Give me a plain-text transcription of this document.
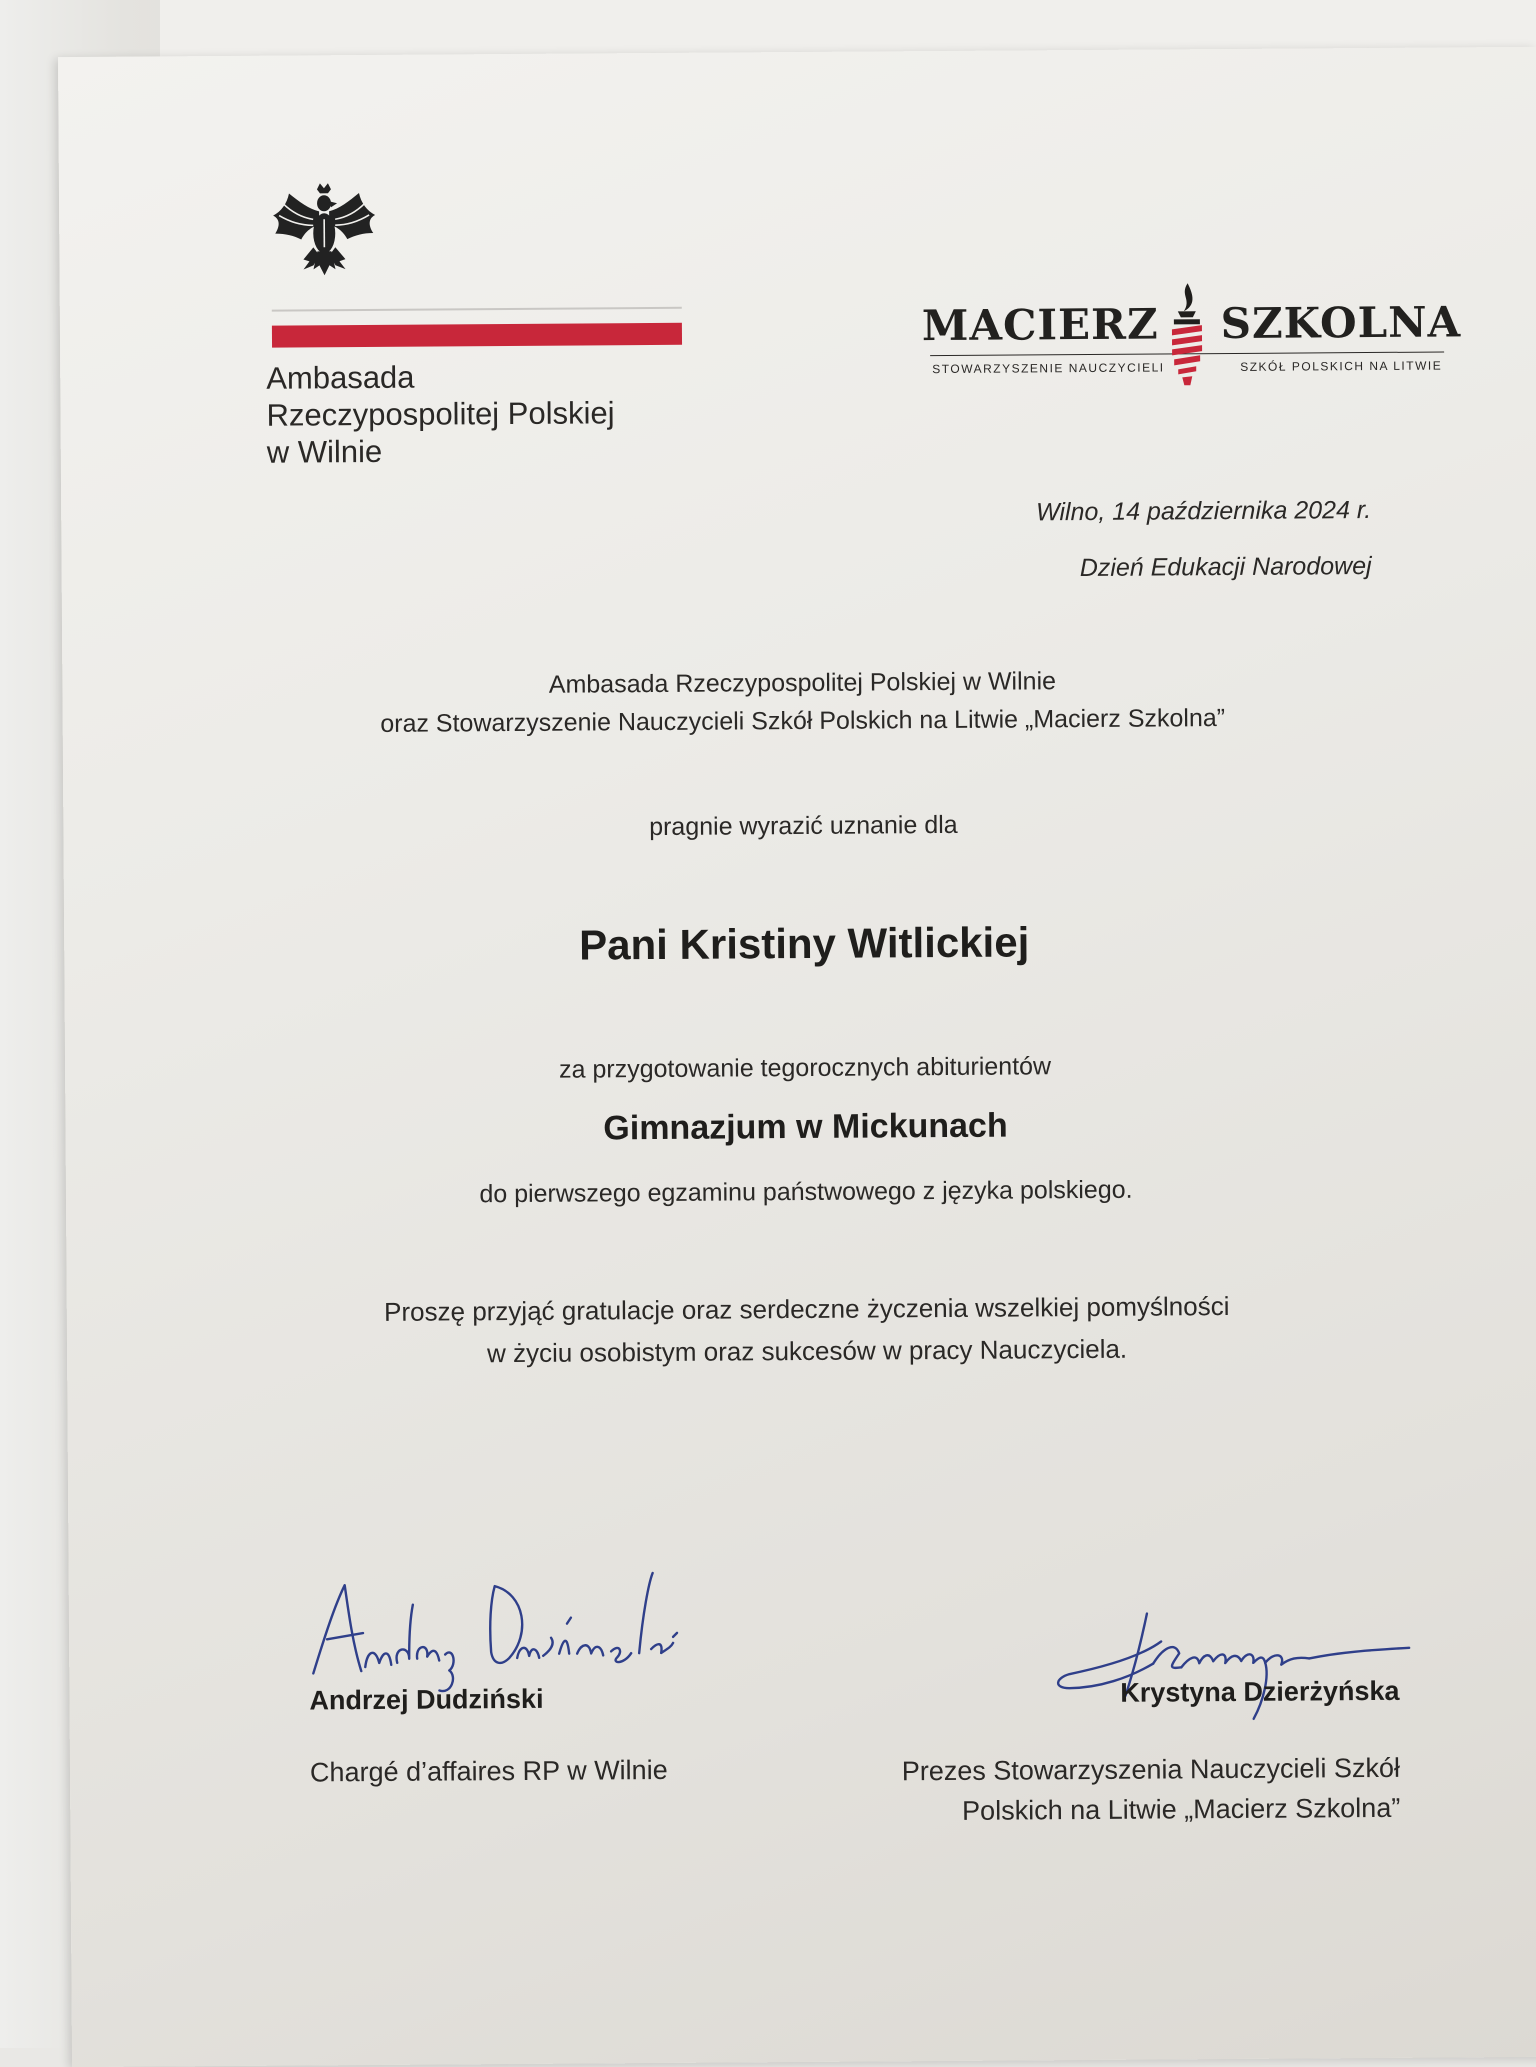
Ambasada
Rzeczypospolitej Polskiej
w Wilnie
MACIERZ SZKOLNA
STOWARZYSZENIE NAUCZYCIELI	SZKÓŁ POLSKICH NA LITWIE
Wilno, 14 października 2024 r.
Dzień Edukacji Narodowej
Ambasada Rzeczypospolitej Polskiej w Wilnie
oraz Stowarzyszenie Nauczycieli Szkół Polskich na Litwie „Macierz Szkolna”
pragnie wyrazić uznanie dla
Pani Kristiny Witlickiej
za przygotowanie tegorocznych abiturientów
Gimnazjum w Mickunach
do pierwszego egzaminu państwowego z języka polskiego.
Proszę przyjąć gratulacje oraz serdeczne życzenia wszelkiej pomyślności
w życiu osobistym oraz sukcesów w pracy Nauczyciela.
Andrzej Dudziński
Chargé d’affaires RP w Wilnie
Krystyna Dzierżyńska
Prezes Stowarzyszenia Nauczycieli Szkół
Polskich na Litwie „Macierz Szkolna”
